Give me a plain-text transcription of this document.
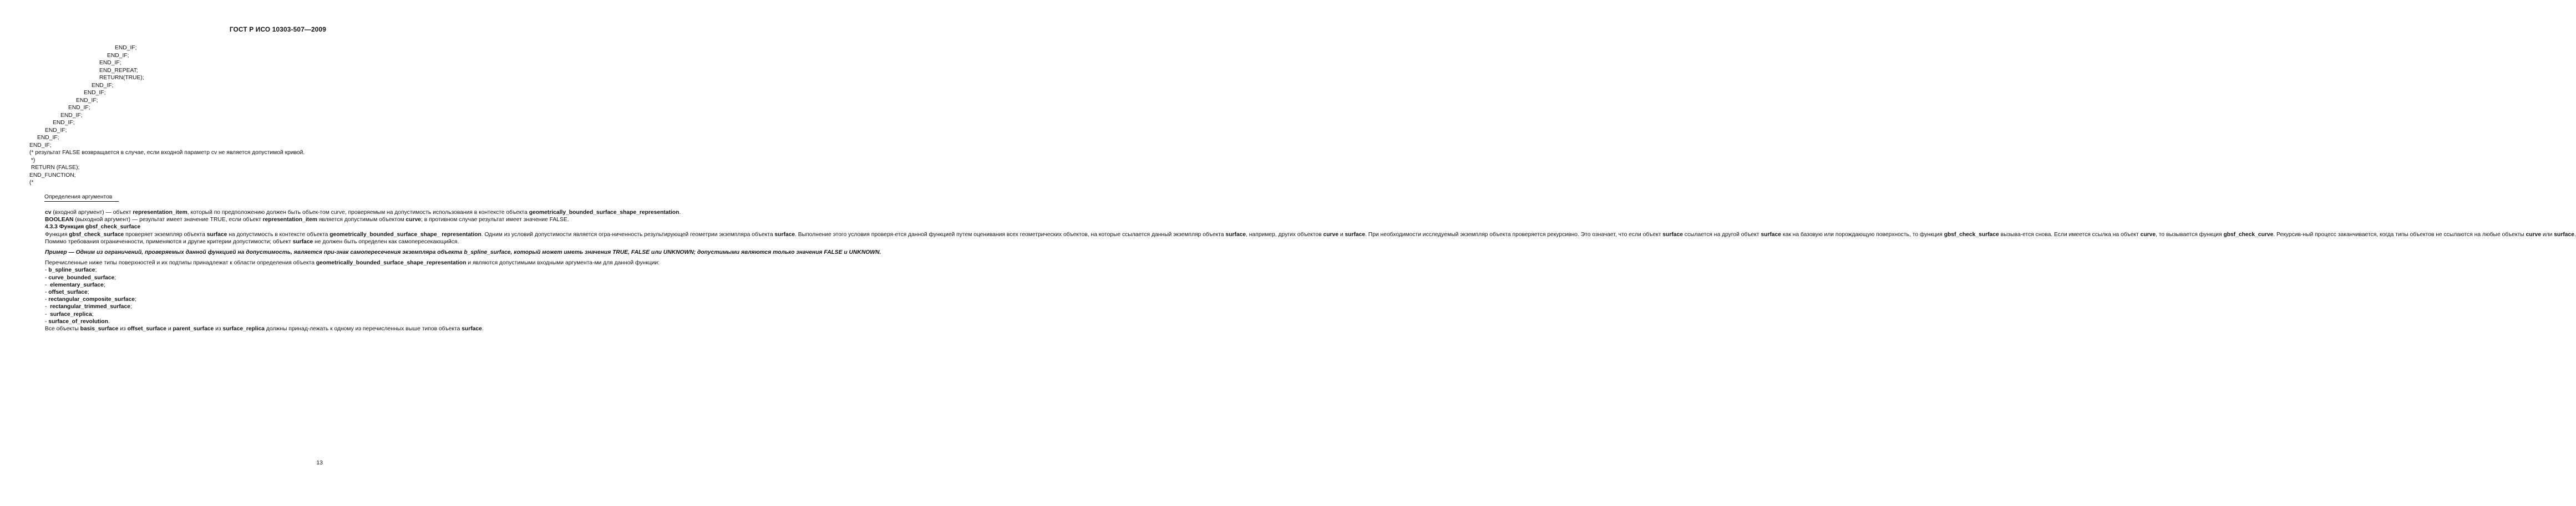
ГОСТ Р ИСО 10303-507—2009
END_IF;
END_IF;
END_IF;
END_REPEAT;
RETURN(TRUE);
END_IF;
END_IF;
END_IF;
END_IF;
END_IF;
END_IF;
END_IF;
END_IF;
END_IF;
(* результат FALSE возвращается в случае, если входной параметр cv не является допустимой кривой.
*)
RETURN (FALSE);
END_FUNCTION;
(*
Определения аргументов

cv (входной аргумент) — объект representation_item, который по предположению должен быть объек-том curve, проверяемым на допустимость использования в контексте объекта geometrically_bounded_surface_shape_representation.

BOOLEAN (выходной аргумент) — результат имеет значение TRUE, если объект representation_item является допустимым объектом curve; в противном случае результат имеет значение FALSE.

4.3.3 Функция gbsf_check_surface

Функция gbsf_check_surface проверяет экземпляр объекта surface на допустимость в контексте объекта geometrically_bounded_surface_shape_ representation. Одним из условий допустимости является огра-ниченность результирующей геометрии экземпляра объекта surface. Выполнение этого условия проверя-ется данной функцией путем оценивания всех геометрических объектов, на которые ссылается данный экземпляр объекта surface, например, других объектов curve и surface. При необходимости исследуемый экземпляр объекта проверяется рекурсивно. Это означает, что если объект surface ссылается на другой объект surface как на базовую или порождающую поверхность, то функция gbsf_check_surface вызыва-ется снова. Если имеется ссылка на объект curve, то вызывается функция gbsf_check_curve. Рекурсив-ный процесс заканчивается, когда типы объектов не ссылаются на любые объекты curve или surface.

Помимо требования ограниченности, применяются и другие критерии допустимости; объект surface не должен быть определен как самопересекающийся.

Пример — Одним из ограничений, проверяемых данной функцией на допустимость, является при-знак самопересечения экземпляра объекта b_spline_surface, который может иметь значения TRUE, FALSE или UNKNOWN; допустимыми являются только значения FALSE и UNKNOWN.

Перечисленные ниже типы поверхностей и их подтипы принадлежат к области определения объекта geometrically_bounded_surface_shape_representation и являются допустимыми входными аргумента-ми для данной функции:

- b_spline_surface;
- curve_bounded_surface;
-  elementary_surface;
- offset_surface;
- rectangular_composite_surface;
-  rectangular_trimmed_surface;
-  surface_replica;
- surface_of_revolution.

Все объекты basis_surface из offset_surface и parent_surface из surface_replica должны принад-лежать к одному из перечисленных выше типов объекта surface.

13
